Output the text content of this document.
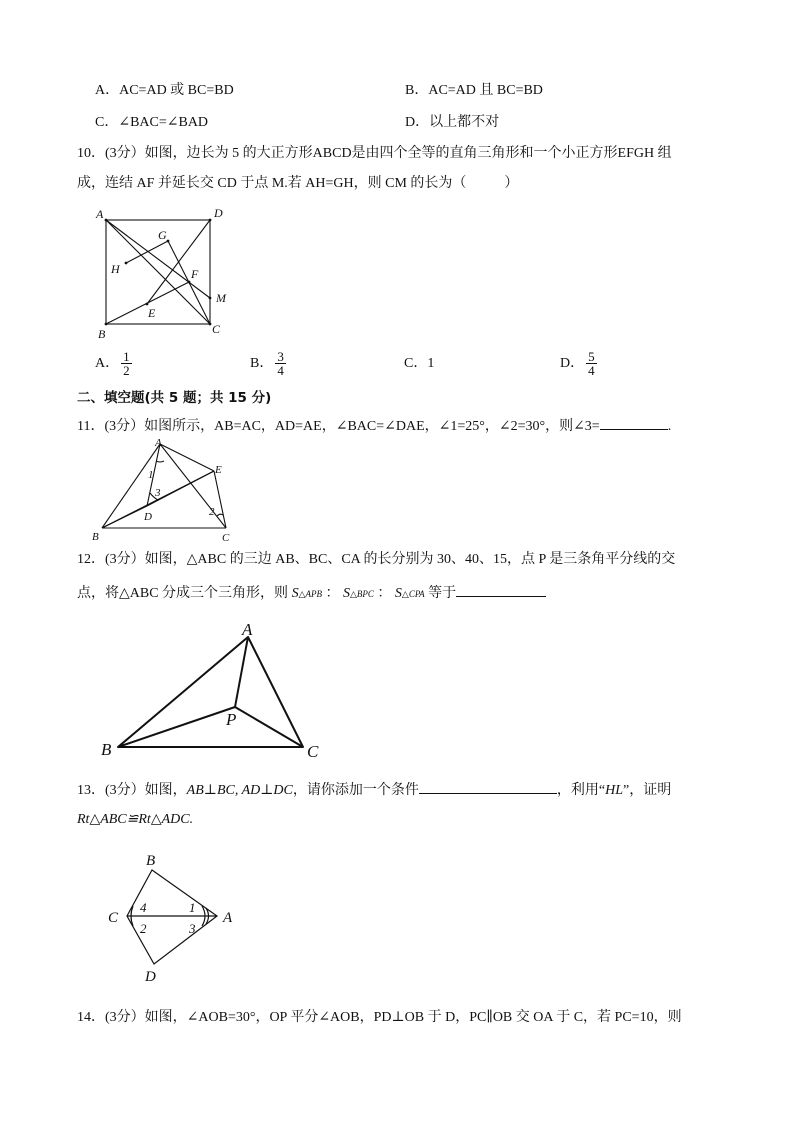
A．AC=AD 或 BC=BD	B．AC=AD 且 BC=BD
C．∠BAC=∠BAD	D．以上都不对
10．(3分）如图，边长为 5 的大正方形ABCD是由四个全等的直角三角形和一个小正方形EFGH 组
成，连结 AF 并延长交 CD 于点 M.若 AH=GH，则 CM 的长为（	）
A	D
B	C
G
H	F
M
E
A． $\frac{1}{2}$	B． $\frac{3}{4}$	C．1	D． $\frac{5}{4}$
二、填空题(共 5 题；共 15 分)
11．(3分）如图所示，AB=AC，AD=AE，∠BAC=∠DAE，∠1=25°，∠2=30°，则∠3=	.
A
E
B	C
D
1
3
2
12．(3分）如图，△ABC 的三边 AB、BC、CA 的长分别为 30、40、15，点 P 是三条角平分线的交
点，将△ABC 分成三个三角形，则 S△APB ： S△BPC ： S△CPA 等于
A
B	C
P
13．(3分）如图，AB⊥BC, AD⊥DC，请你添加一个条件	，利用“HL”，证明
Rt△ABC≌Rt△ADC.
B
C	A
D
4
2
1
3
14．(3分）如图，∠AOB=30°，OP 平分∠AOB，PD⊥OB 于 D，PC∥OB 交 OA 于 C，若 PC=10，则
